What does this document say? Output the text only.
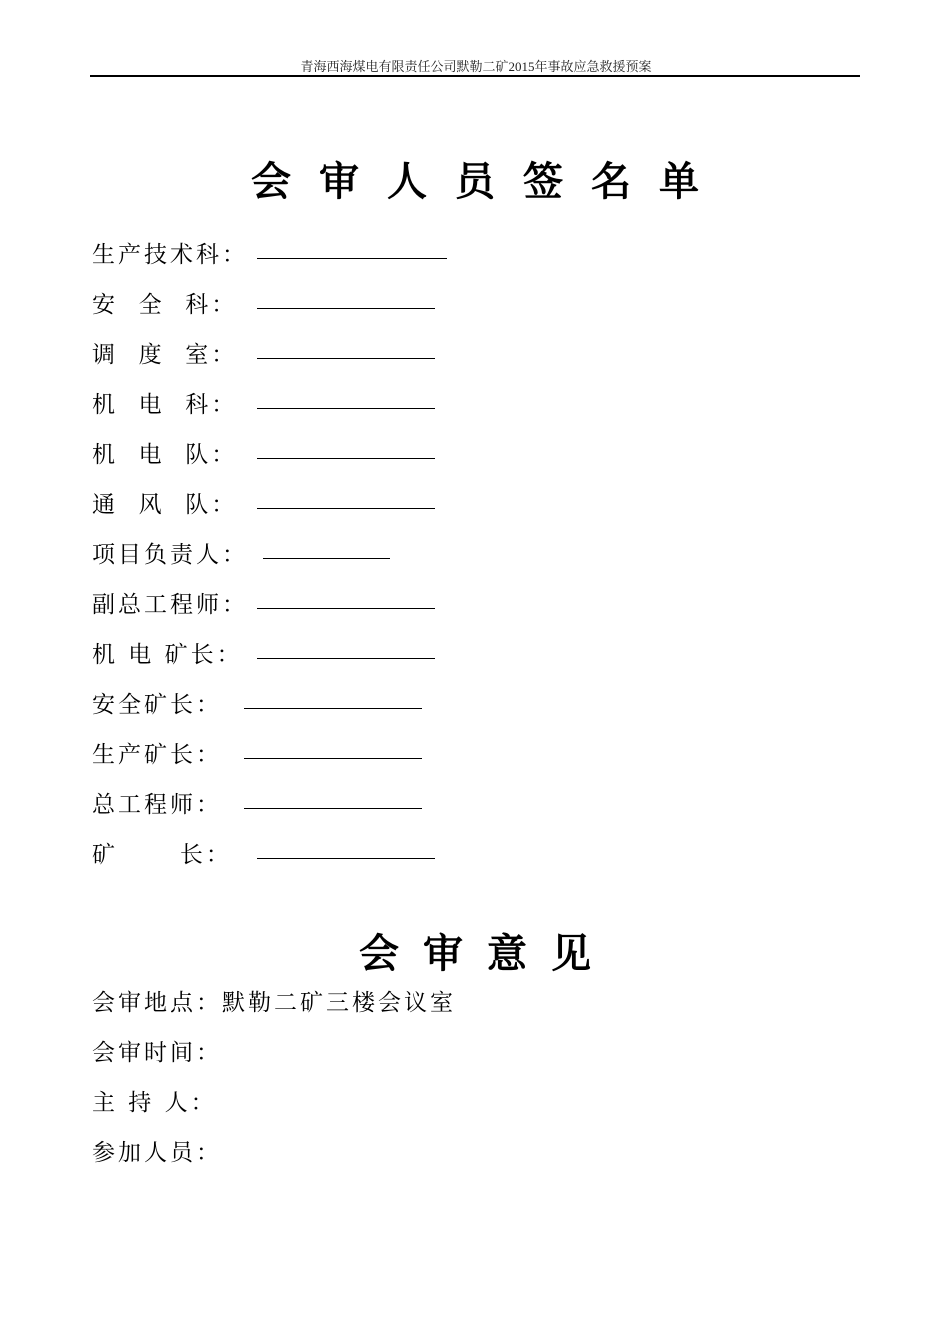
青海西海煤电有限责任公司默勒二矿2015年事故应急救援预案
会 审 人 员 签 名 单
生产技术科：
安  全  科：
调  度  室：
机  电  科：
机  电  队：
通  风  队：
项目负责人：
副总工程师：
机 电 矿长：
安全矿长：
生产矿长：
总工程师：
矿      长：
会 审 意 见
会审地点：默勒二矿三楼会议室
会审时间：
主 持 人：
参加人员：
